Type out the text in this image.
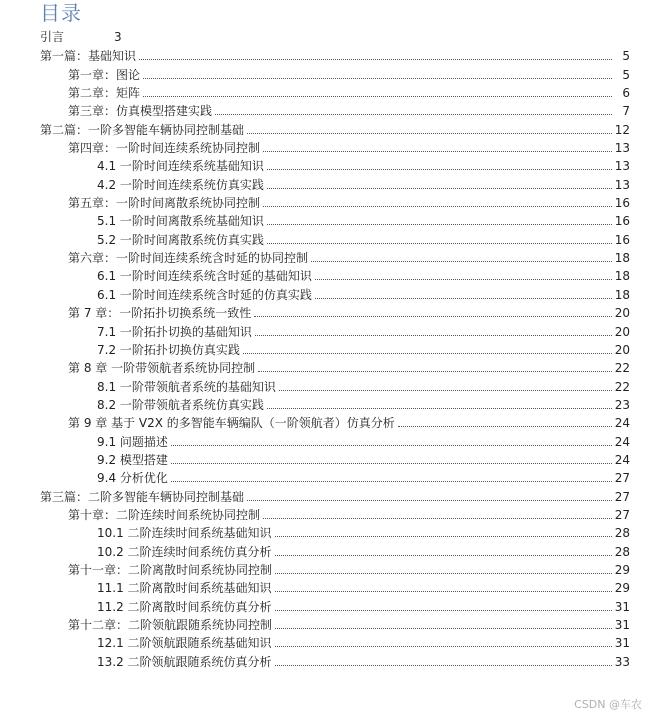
目录
引言	3
第一篇：基础知识	5
第一章：图论	5
第二章：矩阵	6
第三章：仿真模型搭建实践	7
第二篇：一阶多智能车辆协同控制基础	12
第四章：一阶时间连续系统协同控制	13
4.1 一阶时间连续系统基础知识	13
4.2 一阶时间连续系统仿真实践	13
第五章：一阶时间离散系统协同控制	16
5.1 一阶时间离散系统基础知识	16
5.2 一阶时间离散系统仿真实践	16
第六章：一阶时间连续系统含时延的协同控制	18
6.1 一阶时间连续系统含时延的基础知识	18
6.1 一阶时间连续系统含时延的仿真实践	18
第 7 章：一阶拓扑切换系统一致性	20
7.1 一阶拓扑切换的基础知识	20
7.2 一阶拓扑切换仿真实践	20
第 8 章 一阶带领航者系统协同控制	22
8.1 一阶带领航者系统的基础知识	22
8.2 一阶带领航者系统仿真实践	23
第 9 章 基于 V2X 的多智能车辆编队（一阶领航者）仿真分析	24
9.1 问题描述	24
9.2 模型搭建	24
9.4 分析优化	27
第三篇：二阶多智能车辆协同控制基础	27
第十章：二阶连续时间系统协同控制	27
10.1 二阶连续时间系统基础知识	28
10.2 二阶连续时间系统仿真分析	28
第十一章：二阶离散时间系统协同控制	29
11.1 二阶离散时间系统基础知识	29
11.2 二阶离散时间系统仿真分析	31
第十二章：二阶领航跟随系统协同控制	31
12.1 二阶领航跟随系统基础知识	31
13.2 二阶领航跟随系统仿真分析	33
CSDN @车农
